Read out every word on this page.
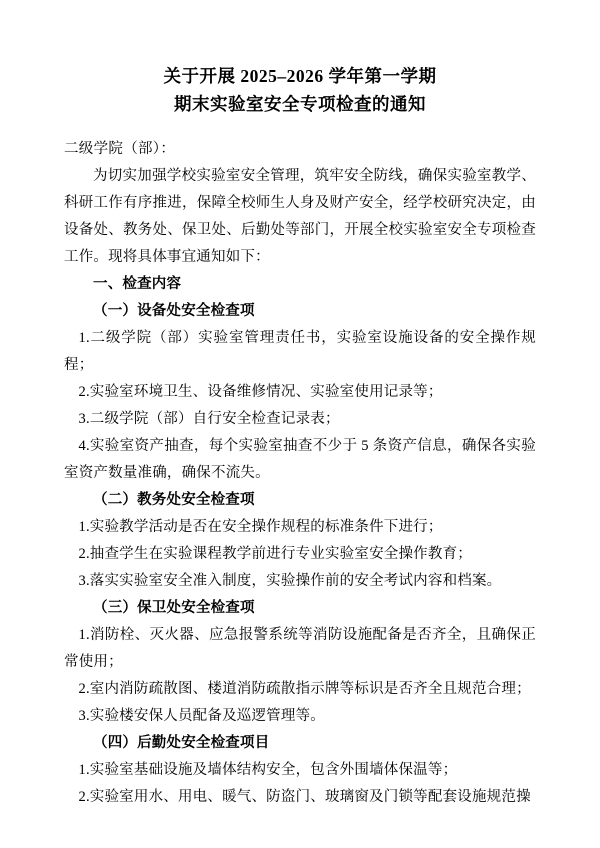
关于开展 2025–2026 学年第一学期
期末实验室安全专项检查的通知

二级学院（部）：

为切实加强学校实验室安全管理，筑牢安全防线，确保实验室教学、科研工作有序推进，保障全校师生人身及财产安全，经学校研究决定，由设备处、教务处、保卫处、后勤处等部门，开展全校实验室安全专项检查工作。现将具体事宜通知如下：

一、检查内容

（一）设备处安全检查项

1.二级学院（部）实验室管理责任书，实验室设施设备的安全操作规程；

2.实验室环境卫生、设备维修情况、实验室使用记录等；

3.二级学院（部）自行安全检查记录表；

4.实验室资产抽查，每个实验室抽查不少于 5 条资产信息，确保各实验室资产数量准确，确保不流失。

（二）教务处安全检查项

1.实验教学活动是否在安全操作规程的标准条件下进行；

2.抽查学生在实验课程教学前进行专业实验室安全操作教育；

3.落实实验室安全准入制度，实验操作前的安全考试内容和档案。

（三）保卫处安全检查项

1.消防栓、灭火器、应急报警系统等消防设施配备是否齐全，且确保正常使用；

2.室内消防疏散图、楼道消防疏散指示牌等标识是否齐全且规范合理；

3.实验楼安保人员配备及巡逻管理等。

（四）后勤处安全检查项目

1.实验室基础设施及墙体结构安全，包含外围墙体保温等；

2.实验室用水、用电、暖气、防盗门、玻璃窗及门锁等配套设施规范操
